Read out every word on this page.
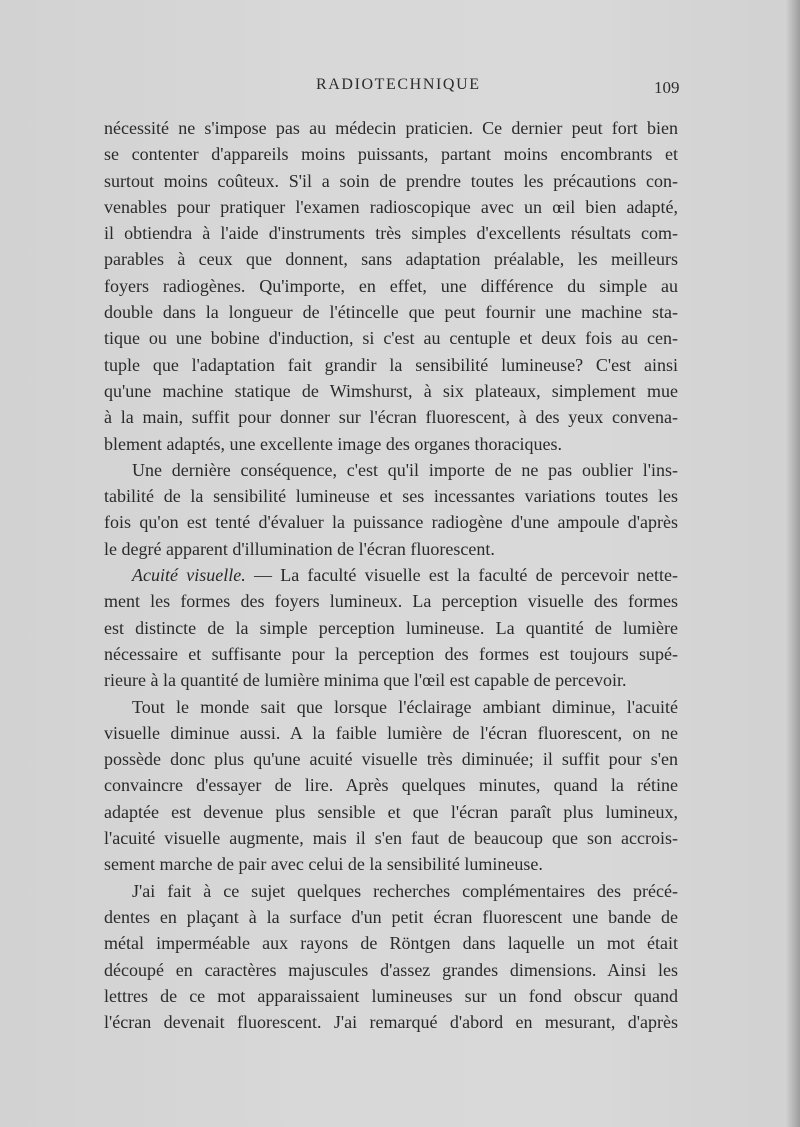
RADIOTECHNIQUE	109
nécessité ne s'impose pas au médecin praticien. Ce dernier peut fort bien
se contenter d'appareils moins puissants, partant moins encombrants et
surtout moins coûteux. S'il a soin de prendre toutes les précautions con-
venables pour pratiquer l'examen radioscopique avec un œil bien adapté,
il obtiendra à l'aide d'instruments très simples d'excellents résultats com-
parables à ceux que donnent, sans adaptation préalable, les meilleurs
foyers radiogènes. Qu'importe, en effet, une différence du simple au
double dans la longueur de l'étincelle que peut fournir une machine sta-
tique ou une bobine d'induction, si c'est au centuple et deux fois au cen-
tuple que l'adaptation fait grandir la sensibilité lumineuse? C'est ainsi
qu'une machine statique de Wimshurst, à six plateaux, simplement mue
à la main, suffit pour donner sur l'écran fluorescent, à des yeux convena-
blement adaptés, une excellente image des organes thoraciques.
Une dernière conséquence, c'est qu'il importe de ne pas oublier l'ins-
tabilité de la sensibilité lumineuse et ses incessantes variations toutes les
fois qu'on est tenté d'évaluer la puissance radiogène d'une ampoule d'après
le degré apparent d'illumination de l'écran fluorescent.
Acuité visuelle. — La faculté visuelle est la faculté de percevoir nette-
ment les formes des foyers lumineux. La perception visuelle des formes
est distincte de la simple perception lumineuse. La quantité de lumière
nécessaire et suffisante pour la perception des formes est toujours supé-
rieure à la quantité de lumière minima que l'œil est capable de percevoir.
Tout le monde sait que lorsque l'éclairage ambiant diminue, l'acuité
visuelle diminue aussi. A la faible lumière de l'écran fluorescent, on ne
possède donc plus qu'une acuité visuelle très diminuée; il suffit pour s'en
convaincre d'essayer de lire. Après quelques minutes, quand la rétine
adaptée est devenue plus sensible et que l'écran paraît plus lumineux,
l'acuité visuelle augmente, mais il s'en faut de beaucoup que son accrois-
sement marche de pair avec celui de la sensibilité lumineuse.
J'ai fait à ce sujet quelques recherches complémentaires des précé-
dentes en plaçant à la surface d'un petit écran fluorescent une bande de
métal imperméable aux rayons de Röntgen dans laquelle un mot était
découpé en caractères majuscules d'assez grandes dimensions. Ainsi les
lettres de ce mot apparaissaient lumineuses sur un fond obscur quand
l'écran devenait fluorescent. J'ai remarqué d'abord en mesurant, d'après
